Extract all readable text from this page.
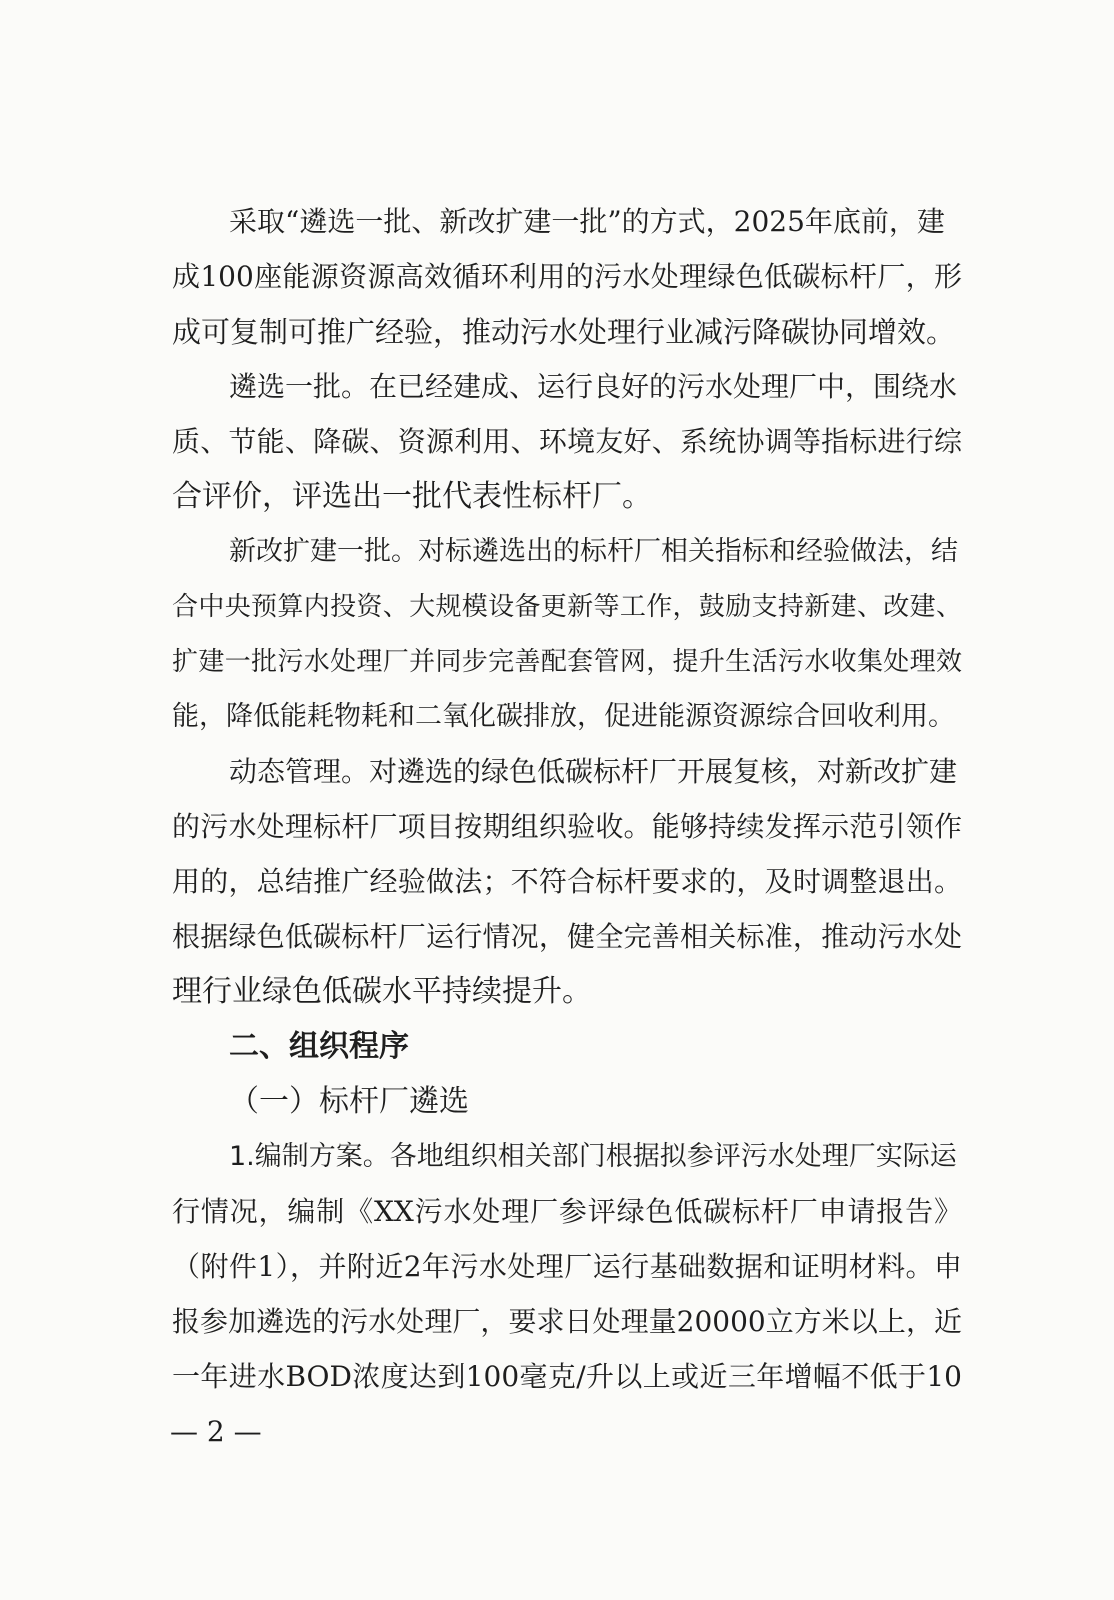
采取“遴选一批、新改扩建一批”的方式，2025年底前，建

成100座能源资源高效循环利用的污水处理绿色低碳标杆厂，形

成可复制可推广经验，推动污水处理行业减污降碳协同增效。

遴选一批。在已经建成、运行良好的污水处理厂中，围绕水

质、节能、降碳、资源利用、环境友好、系统协调等指标进行综

合评价，评选出一批代表性标杆厂。

新改扩建一批。对标遴选出的标杆厂相关指标和经验做法，结

合中央预算内投资、大规模设备更新等工作，鼓励支持新建、改建、

扩建一批污水处理厂并同步完善配套管网，提升生活污水收集处理效

能，降低能耗物耗和二氧化碳排放，促进能源资源综合回收利用。

动态管理。对遴选的绿色低碳标杆厂开展复核，对新改扩建

的污水处理标杆厂项目按期组织验收。能够持续发挥示范引领作

用的，总结推广经验做法；不符合标杆要求的，及时调整退出。

根据绿色低碳标杆厂运行情况，健全完善相关标准，推动污水处

理行业绿色低碳水平持续提升。

二、组织程序

（一）标杆厂遴选

1.编制方案。各地组织相关部门根据拟参评污水处理厂实际运

行情况，编制《XX污水处理厂参评绿色低碳标杆厂申请报告》

（附件1），并附近2年污水处理厂运行基础数据和证明材料。申

报参加遴选的污水处理厂，要求日处理量20000立方米以上，近

一年进水BOD浓度达到100毫克/升以上或近三年增幅不低于10

— 2 —
